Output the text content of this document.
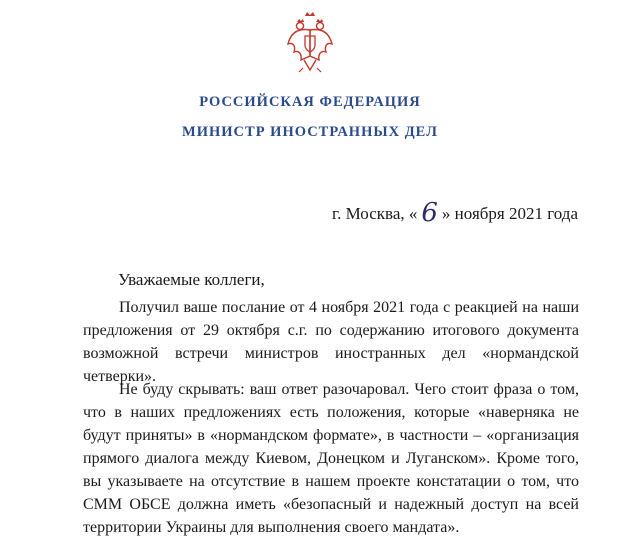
РОССИЙСКАЯ ФЕДЕРАЦИЯ
МИНИСТР ИНОСТРАННЫХ ДЕЛ
г. Москва, « 6 » ноября 2021 года
Уважаемые коллеги,

Получил ваше послание от 4 ноября 2021 года с реакцией на наши предложения от 29 октября с.г. по содержанию итогового документа возможной встречи министров иностранных дел «нормандской четверки».

Не буду скрывать: ваш ответ разочаровал. Чего стоит фраза о том, что в наших предложениях есть положения, которые «наверняка не будут приняты» в «нормандском формате», в частности – «организация прямого диалога между Киевом, Донецком и Луганском». Кроме того, вы указываете на отсутствие в нашем проекте констатации о том, что СММ ОБСЕ должна иметь «безопасный и надежный доступ на всей территории Украины для выполнения своего мандата».
